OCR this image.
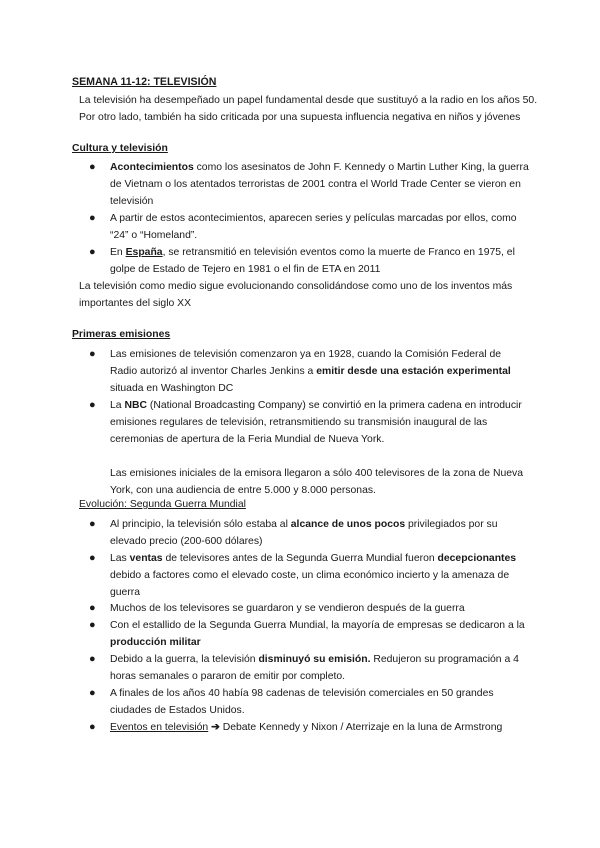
SEMANA 11-12: TELEVISIÓN
La televisión ha desempeñado un papel fundamental desde que sustituyó a la radio en los años 50. Por otro lado, también ha sido criticada por una supuesta influencia negativa en niños y jóvenes
Cultura y televisión
● Acontecimientos como los asesinatos de John F. Kennedy o Martin Luther King, la guerra de Vietnam o los atentados terroristas de 2001 contra el World Trade Center se vieron en televisión
● A partir de estos acontecimientos, aparecen series y películas marcadas por ellos, como “24” o “Homeland”.
● En España, se retransmitió en televisión eventos como la muerte de Franco en 1975, el golpe de Estado de Tejero en 1981 o el fin de ETA en 2011
La televisión como medio sigue evolucionando consolidándose como uno de los inventos más importantes del siglo XX
Primeras emisiones
● Las emisiones de televisión comenzaron ya en 1928, cuando la Comisión Federal de Radio autorizó al inventor Charles Jenkins a emitir desde una estación experimental situada en Washington DC
● La NBC (National Broadcasting Company) se convirtió en la primera cadena en introducir emisiones regulares de televisión, retransmitiendo su transmisión inaugural de las ceremonias de apertura de la Feria Mundial de Nueva York.
Las emisiones iniciales de la emisora llegaron a sólo 400 televisores de la zona de Nueva York, con una audiencia de entre 5.000 y 8.000 personas.
Evolución: Segunda Guerra Mundial
● Al principio, la televisión sólo estaba al alcance de unos pocos privilegiados por su elevado precio (200-600 dólares)
● Las ventas de televisores antes de la Segunda Guerra Mundial fueron decepcionantes debido a factores como el elevado coste, un clima económico incierto y la amenaza de guerra
● Muchos de los televisores se guardaron y se vendieron después de la guerra
● Con el estallido de la Segunda Guerra Mundial, la mayoría de empresas se dedicaron a la producción militar
● Debido a la guerra, la televisión disminuyó su emisión. Redujeron su programación a 4 horas semanales o pararon de emitir por completo.
● A finales de los años 40 había 98 cadenas de televisión comerciales en 50 grandes ciudades de Estados Unidos.
● Eventos en televisión ➔ Debate Kennedy y Nixon / Aterrizaje en la luna de Armstrong
